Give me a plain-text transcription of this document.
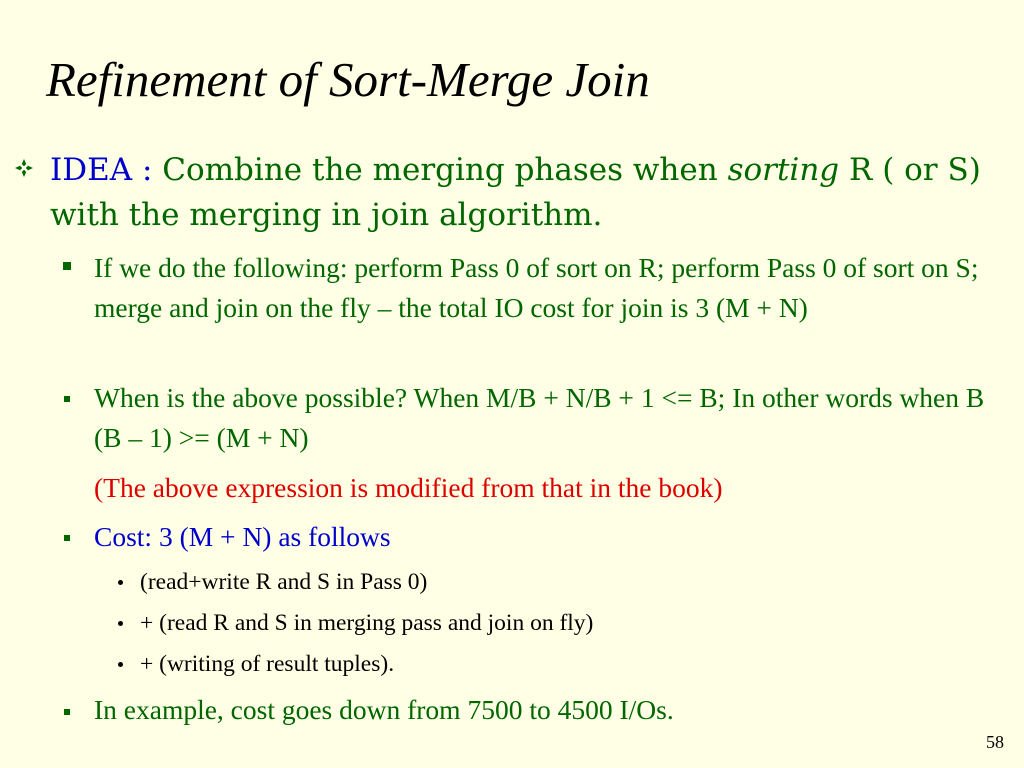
Refinement of Sort-Merge Join
IDEA : Combine the merging phases when sorting R ( or S) with the merging in join algorithm.
If we do the following: perform Pass 0 of sort on R; perform Pass 0 of sort on S; merge and join on the fly – the total IO cost for join is 3 (M + N)
When is the above possible? When M/B + N/B + 1 <= B; In other words when B (B – 1) >= (M + N)
(The above expression is modified from that in the book)
Cost: 3 (M + N) as follows
(read+write R and S in Pass 0)
+ (read R and S in merging pass and join on fly)
+ (writing of result tuples).
In example, cost goes down from 7500 to 4500 I/Os.
58
